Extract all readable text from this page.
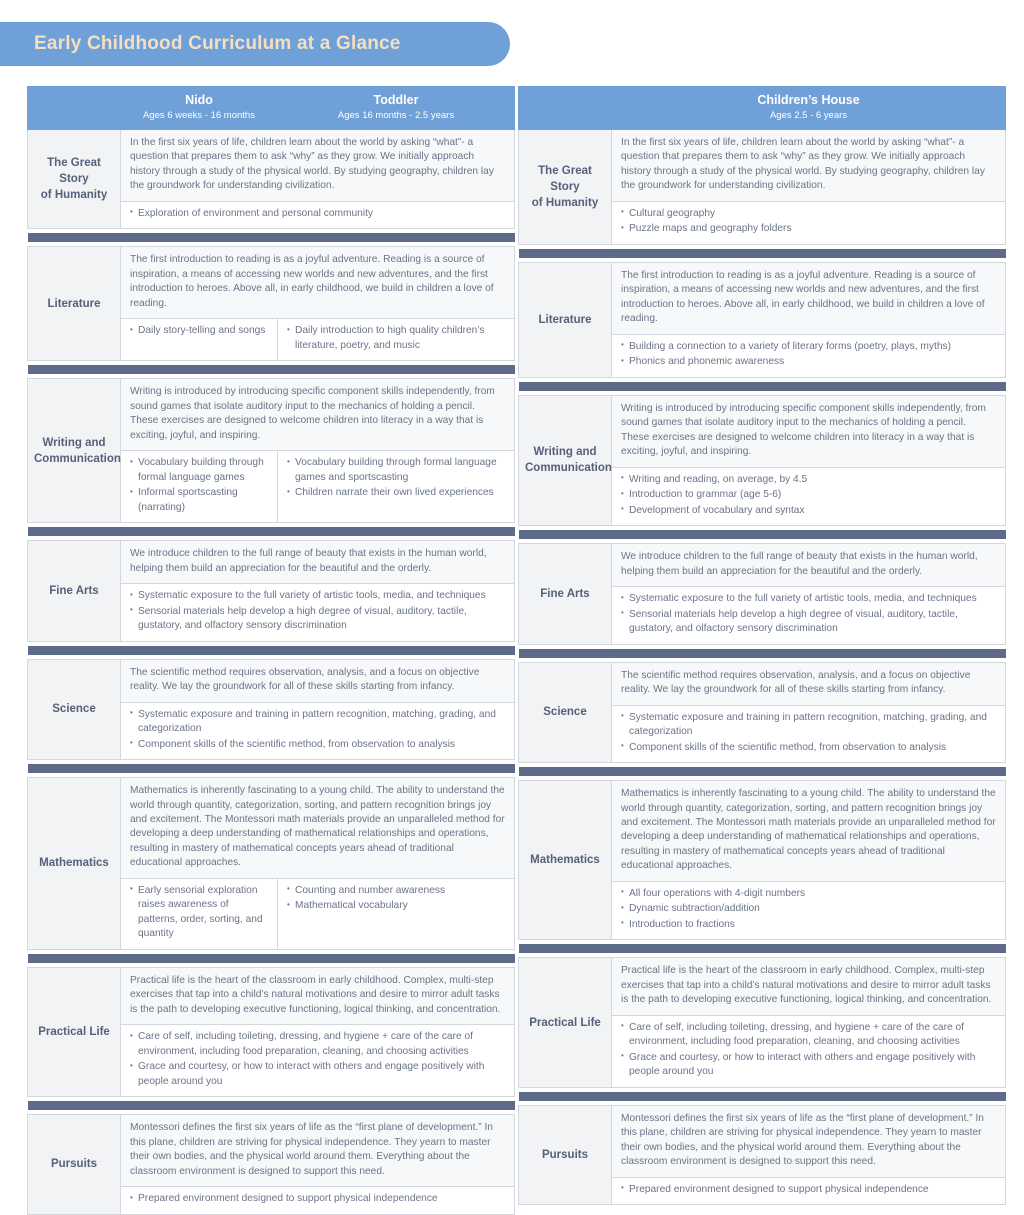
Early Childhood Curriculum at a Glance

Nido
Ages 6 weeks - 16 months

Toddler
Ages 16 months - 2.5 years

The Great
Story
of Humanity	In the first six years of life, children learn about the world by asking “what”- a question that prepares them to ask “why” as they grow. We initially approach history through a study of the physical world. By studying geography, children lay the groundwork for understanding civilization.

• Exploration of environment and personal community

Literature	The first introduction to reading is as a joyful adventure. Reading is a source of inspiration, a means of accessing new worlds and new adventures, and the first introduction to heroes. Above all, in early childhood, we build in children a love of reading.	

• Daily story-telling and songs

•Daily introduction to high quality children’s literature, poetry, and music

Writing and
Communication	Writing is introduced by introducing specific component skills independently, from sound games that isolate auditory input to the mechanics of holding a pencil. These exercises are designed to welcome children into literacy in a way that is exciting, joyful, and inspiring.	

• Vocabulary building through formal language games
• Informal sportscasting (narrating)

• Vocabulary building through formal language games and sportscasting
• Children narrate their own lived experiences

Fine Arts	We introduce children to the full range of beauty that exists in the human world, helping them build an appreciation for the beautiful and the orderly.	

• Systematic exposure to the full variety of artistic tools, media, and techniques
• Sensorial materials help develop a high degree of visual, auditory, tactile, gustatory, and olfactory sensory discrimination

Science	The scientific method requires observation, analysis, and a focus on objective reality. We lay the groundwork for all of these skills starting from infancy.	

• Systematic exposure and training in pattern recognition, matching, grading, and categorization
• Component skills of the scientific method, from observation to analysis

Mathematics	Mathematics is inherently fascinating to a young child. The ability to understand the world through quantity, categorization, sorting, and pattern recognition brings joy and excitement. The Montessori math materials provide an unparalleled method for developing a deep understanding of mathematical relationships and operations, resulting in mastery of mathematical concepts years ahead of traditional educational approaches.	

• Early sensorial exploration raises awareness of patterns, order, sorting, and quantity

• Counting and number awareness
• Mathematical vocabulary

Practical Life	Practical life is the heart of the classroom in early childhood. Complex, multi-step exercises that tap into a child’s natural motivations and desire to mirror adult tasks is the path to developing executive functioning, logical thinking, and concentration.	

• Care of self, including toileting, dressing, and hygiene + care of the care of environment, including food preparation, cleaning, and choosing activities
• Grace and courtesy, or how to interact with others and engage positively with people around you

Pursuits	Montessori defines the first six years of life as the “first plane of development.” In this plane, children are striving for physical independence. They yearn to master their own bodies, and the physical world around them. Everything about the classroom environment is designed to support this need.	

• Prepared environment designed to support physical independence

	Children’s House
Ages 2.5 - 6 years

The Great
Story
of Humanity	In the first six years of life, children learn about the world by asking “what”- a question that prepares them to ask “why” as they grow. We initially approach history through a study of the physical world. By studying geography, children lay the groundwork for understanding civilization.

• Cultural geography
• Puzzle maps and geography folders

Literature	The first introduction to reading is as a joyful adventure. Reading is a source of inspiration, a means of accessing new worlds and new adventures, and the first introduction to heroes. Above all, in early childhood, we build in children a love of reading.

• Building a connection to a variety of literary forms (poetry, plays, myths)
• Phonics and phonemic awareness

Writing and
Communication	Writing is introduced by introducing specific component skills independently, from sound games that isolate auditory input to the mechanics of holding a pencil. These exercises are designed to welcome children into literacy in a way that is exciting, joyful, and inspiring.

• Writing and reading, on average, by 4.5
• Introduction to grammar (age 5-6)
• Development of vocabulary and syntax

Fine Arts	We introduce children to the full range of beauty that exists in the human world, helping them build an appreciation for the beautiful and the orderly.

• Systematic exposure to the full variety of artistic tools, media, and techniques
• Sensorial materials help develop a high degree of visual, auditory, tactile, gustatory, and olfactory sensory discrimination

Science	The scientific method requires observation, analysis, and a focus on objective reality. We lay the groundwork for all of these skills starting from infancy.

• Systematic exposure and training in pattern recognition, matching, grading, and categorization
• Component skills of the scientific method, from observation to analysis

Mathematics	Mathematics is inherently fascinating to a young child. The ability to understand the world through quantity, categorization, sorting, and pattern recognition brings joy and excitement. The Montessori math materials provide an unparalleled method for developing a deep understanding of mathematical relationships and operations, resulting in mastery of mathematical concepts years ahead of traditional educational approaches.

• All four operations with 4-digit numbers
• Dynamic subtraction/addition
• Introduction to fractions

Practical Life	Practical life is the heart of the classroom in early childhood. Complex, multi-step exercises that tap into a child’s natural motivations and desire to mirror adult tasks is the path to developing executive functioning, logical thinking, and concentration.

• Care of self, including toileting, dressing, and hygiene + care of the care of environment, including food preparation, cleaning, and choosing activities
• Grace and courtesy, or how to interact with others and engage positively with people around you

Pursuits	Montessori defines the first six years of life as the “first plane of development.” In this plane, children are striving for physical independence. They yearn to master their own bodies, and the physical world around them. Everything about the classroom environment is designed to support this need.

• Prepared environment designed to support physical independence
